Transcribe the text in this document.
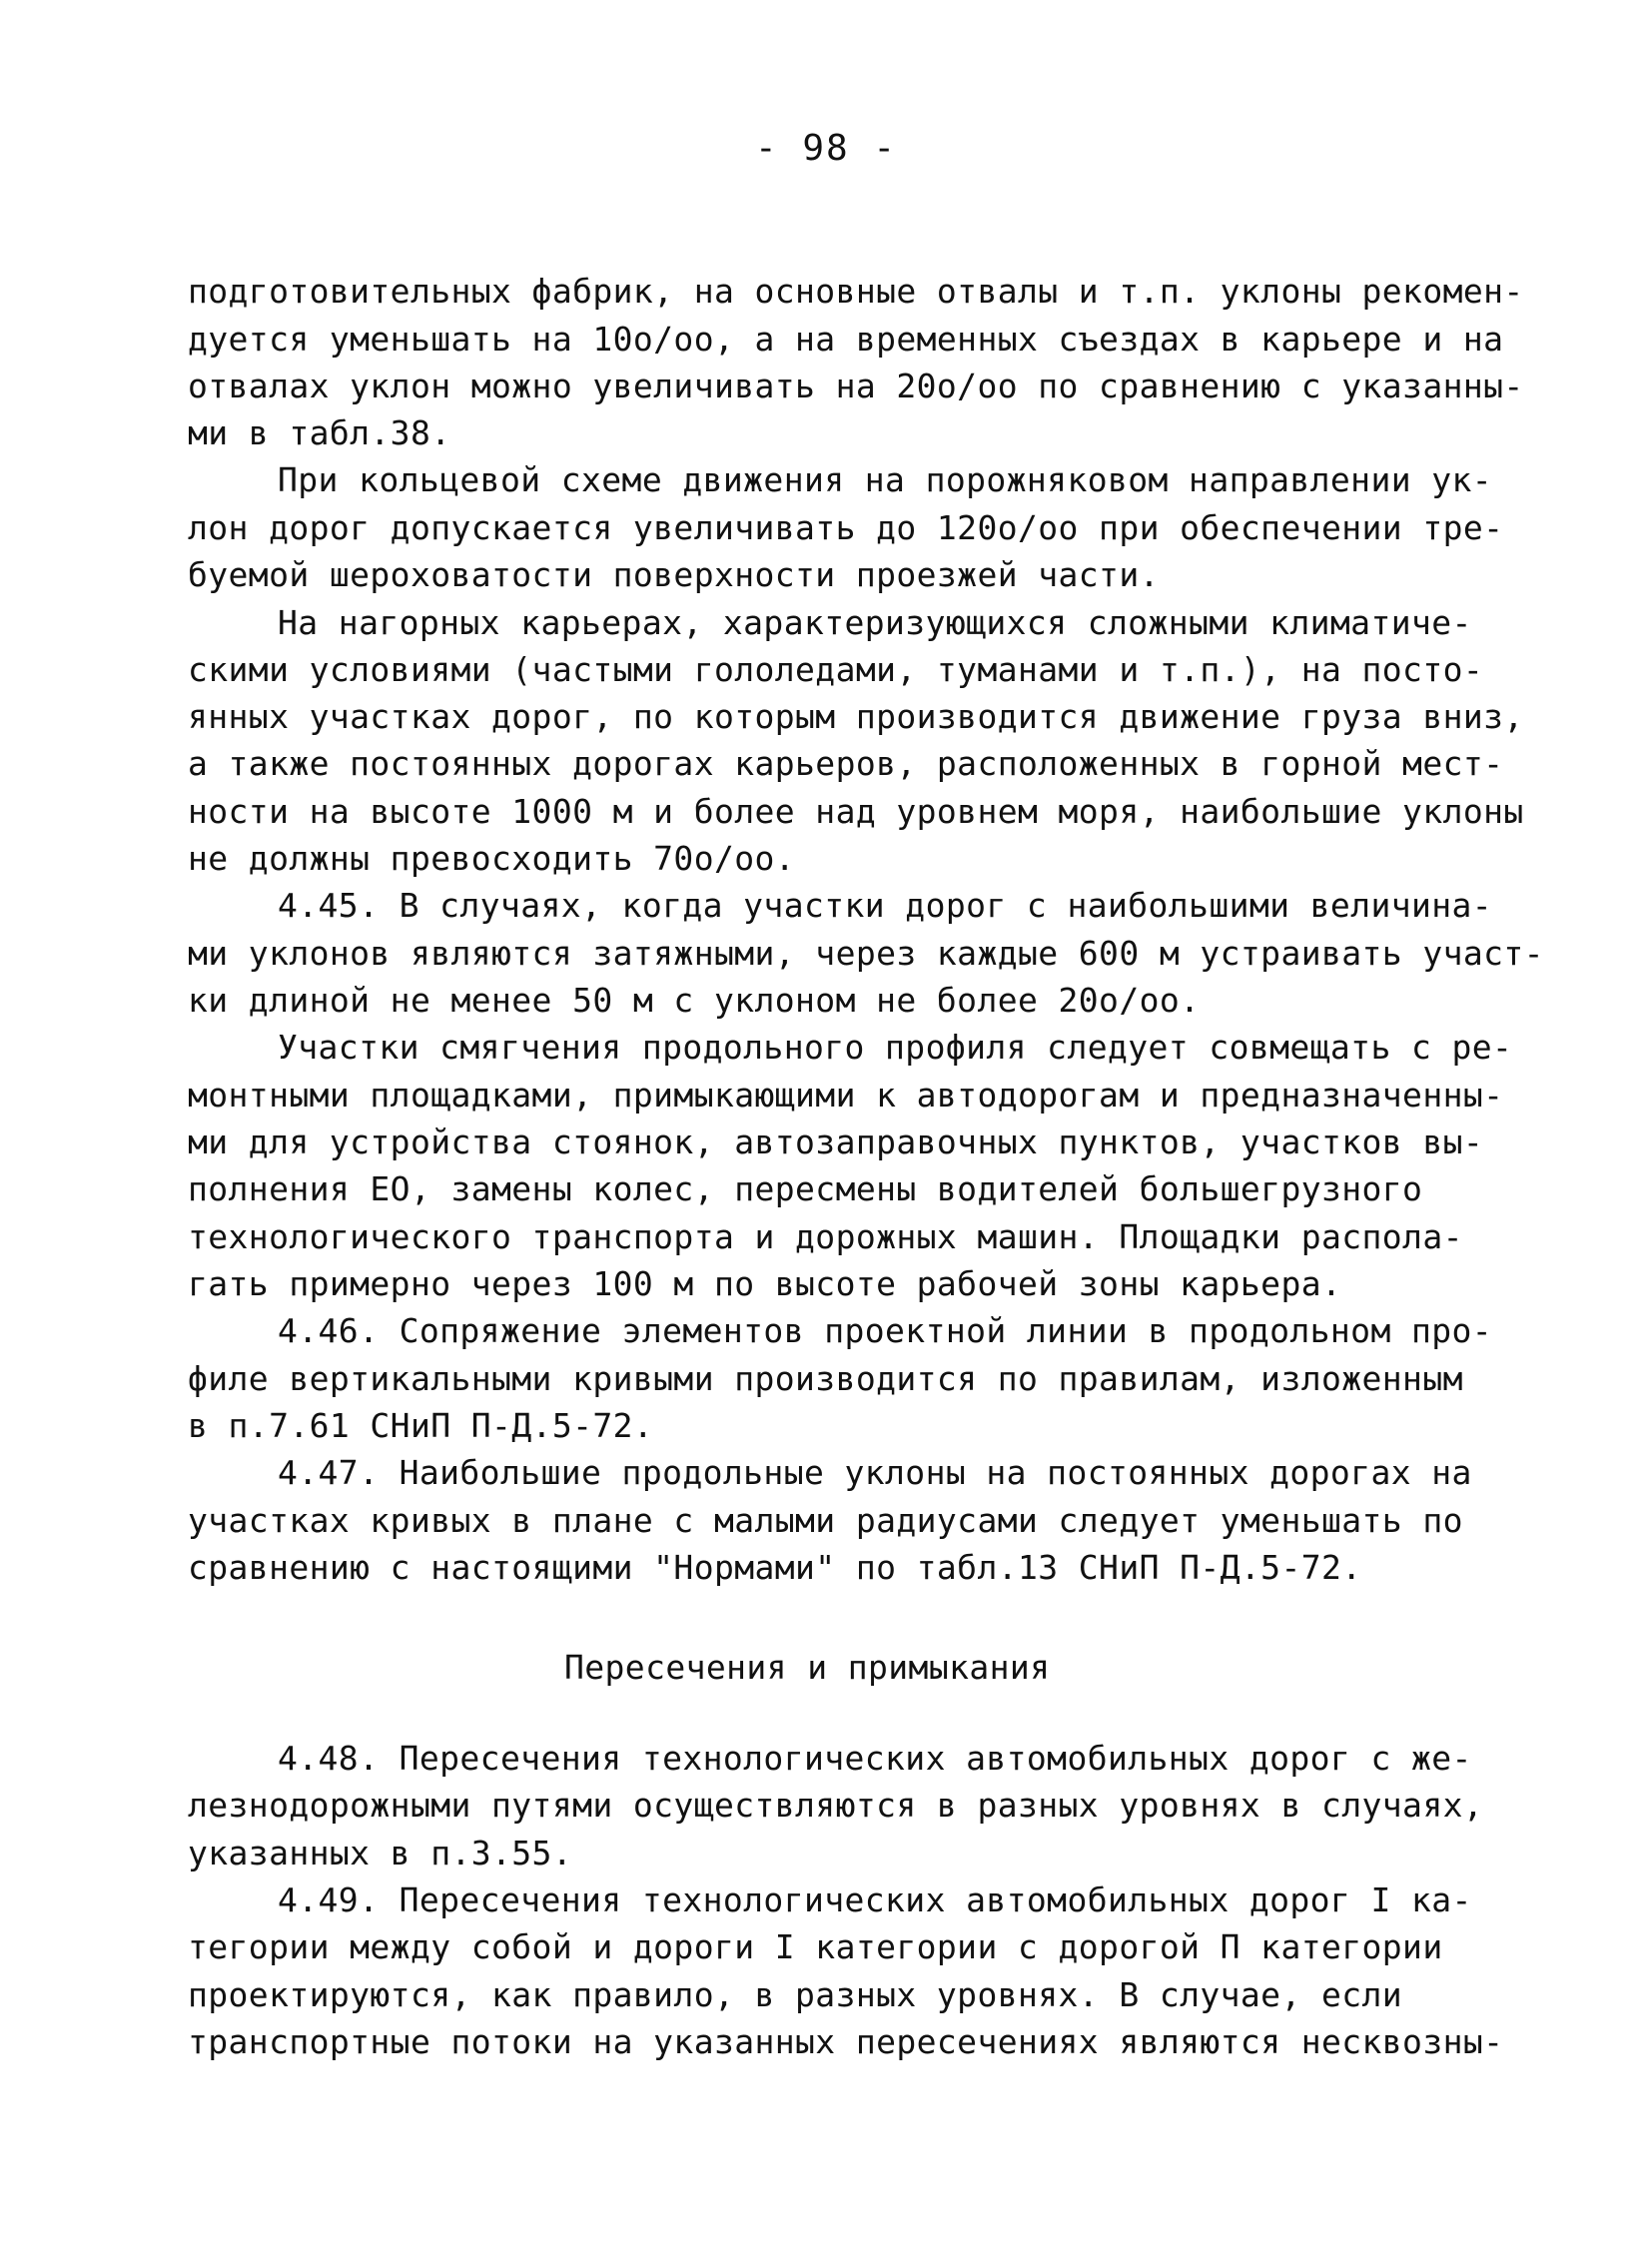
- 98 -
подготовительных фабрик, на основные отвалы и т.п. уклоны рекомен-
дуется уменьшать на 10о/оо, а на временных съездах в карьере и на
отвалах уклон можно увеличивать на 20о/оо по сравнению с указанны-
ми в табл.38.
При кольцевой схеме движения на порожняковом направлении ук-
лон дорог допускается увеличивать до 120о/оо при обеспечении тре-
буемой шероховатости поверхности проезжей части.
На нагорных карьерах, характеризующихся сложными климатиче-
скими условиями (частыми гололедами, туманами и т.п.), на посто-
янных участках дорог, по которым производится движение груза вниз,
а также постоянных дорогах карьеров, расположенных в горной мест-
ности на высоте 1000 м и более над уровнем моря, наибольшие уклоны
не должны превосходить 70о/оо.
4.45. В случаях, когда участки дорог с наибольшими величина-
ми уклонов являются затяжными, через каждые 600 м устраивать участ-
ки длиной не менее 50 м с уклоном не более 20о/оо.
Участки смягчения продольного профиля следует совмещать с ре-
монтными площадками, примыкающими к автодорогам и предназначенны-
ми для устройства стоянок, автозаправочных пунктов, участков вы-
полнения ЕО, замены колес, пересмены водителей большегрузного
технологического транспорта и дорожных машин. Площадки распола-
гать примерно через 100 м по высоте рабочей зоны карьера.
4.46. Сопряжение элементов проектной линии в продольном про-
филе вертикальными кривыми производится по правилам, изложенным
в п.7.61 СНиП П-Д.5-72.
4.47. Наибольшие продольные уклоны на постоянных дорогах на
участках кривых в плане с малыми радиусами следует уменьшать по
сравнению с настоящими "Нормами" по табл.13 СНиП П-Д.5-72.
Пересечения и примыкания
4.48. Пересечения технологических автомобильных дорог с же-
лезнодорожными путями осуществляются в разных уровнях в случаях,
указанных в п.3.55.
4.49. Пересечения технологических автомобильных дорог I ка-
тегории между собой и дороги I категории с дорогой П категории
проектируются, как правило, в разных уровнях. В случае, если
транспортные потоки на указанных пересечениях являются несквозны-
